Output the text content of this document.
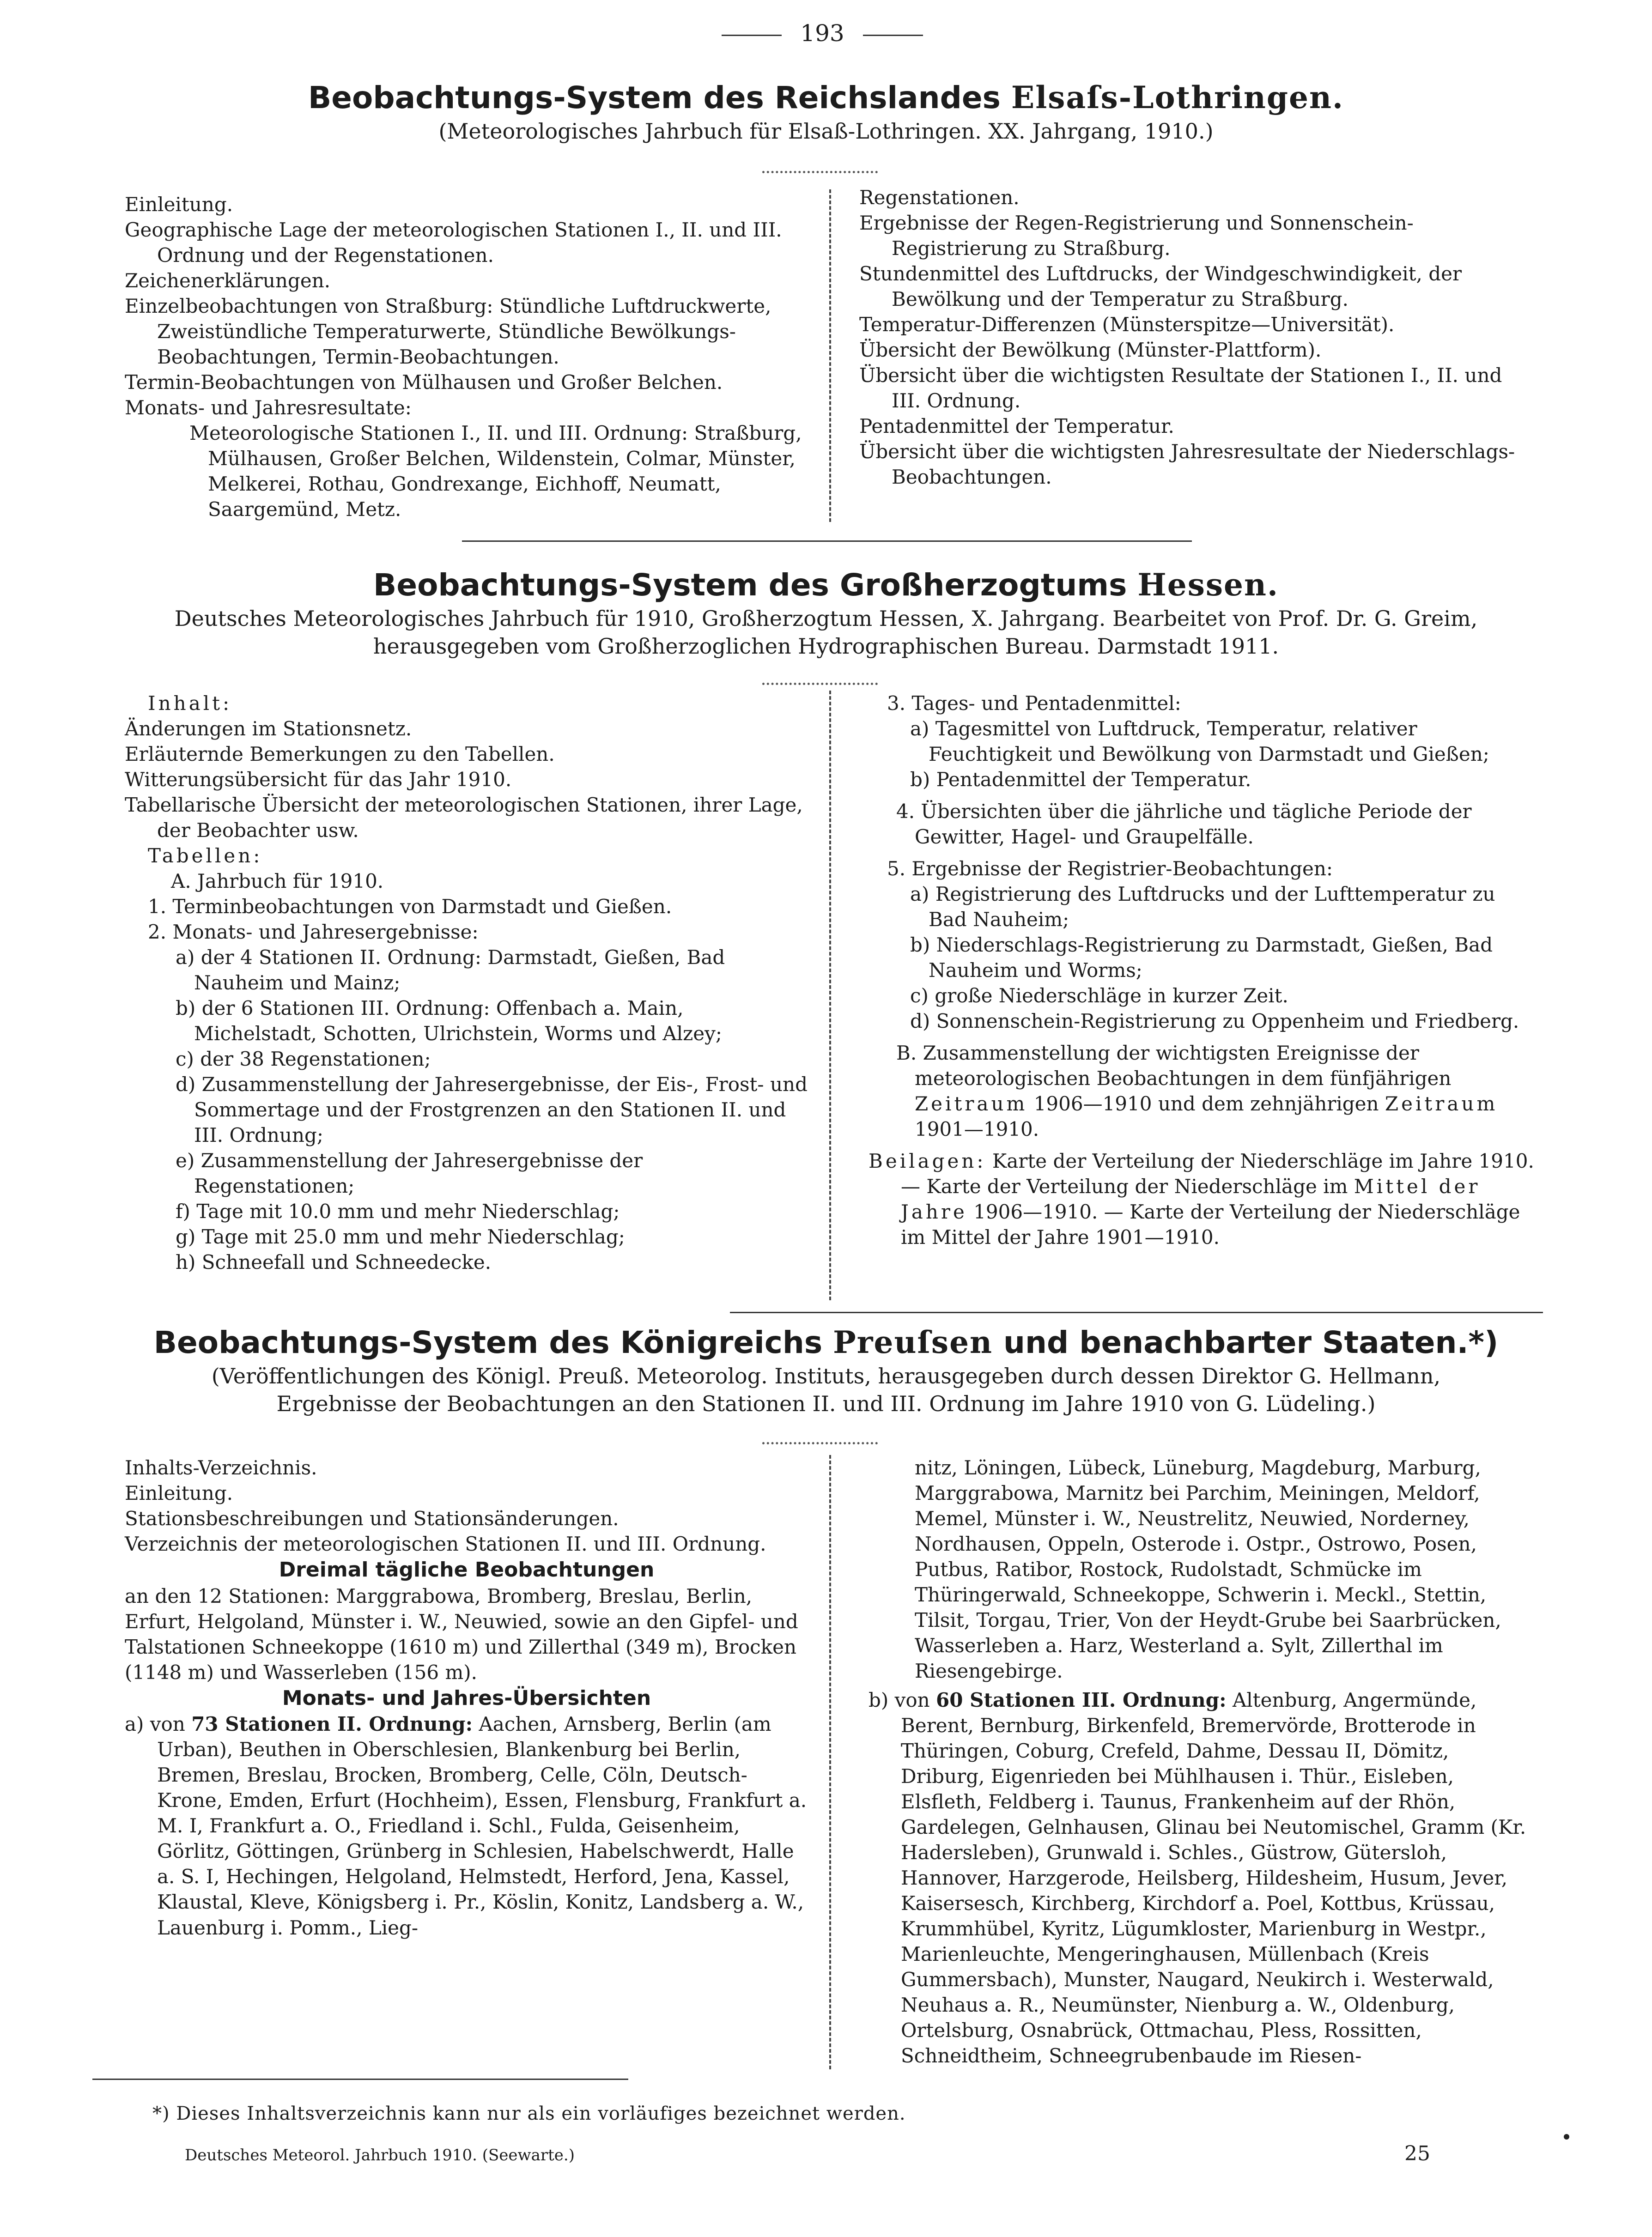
193
Beobachtungs-System des Reichslandes Elsaſs-Lothringen.

(Meteorologisches Jahrbuch für Elsaß-Lothringen. XX. Jahrgang, 1910.)

Einleitung.

Geographische Lage der meteorologischen Stationen I., II. und III. Ordnung und der Regenstationen.

Zeichenerklärungen.

Einzelbeobachtungen von Straßburg: Stündliche Luftdruckwerte, Zweistündliche Temperaturwerte, Stündliche Bewölkungs-Beobachtungen, Termin-Beobachtungen.

Termin-Beobachtungen von Mülhausen und Großer Belchen.

Monats- und Jahresresultate:

Meteorologische Stationen I., II. und III. Ordnung: Straßburg, Mülhausen, Großer Belchen, Wildenstein, Colmar, Münster, Melkerei, Rothau, Gondrexange, Eichhoff, Neumatt, Saargemünd, Metz.

Regenstationen.

Ergebnisse der Regen-Registrierung und Sonnenschein-Registrierung zu Straßburg.

Stundenmittel des Luftdrucks, der Windgeschwindigkeit, der Bewölkung und der Temperatur zu Straßburg.

Temperatur-Differenzen (Münsterspitze—Universität).

Übersicht der Bewölkung (Münster-Plattform).

Übersicht über die wichtigsten Resultate der Stationen I., II. und III. Ordnung.

Pentadenmittel der Temperatur.

Übersicht über die wichtigsten Jahresresultate der Niederschlags-Beobachtungen.

Beobachtungs-System des Großherzogtums Hessen.

Deutsches Meteorologisches Jahrbuch für 1910, Großherzogtum Hessen, X. Jahrgang. Bearbeitet von Prof. Dr. G. Greim,

herausgegeben vom Großherzoglichen Hydrographischen Bureau. Darmstadt 1911.

Inhalt:

Änderungen im Stationsnetz.

Erläuternde Bemerkungen zu den Tabellen.

Witterungsübersicht für das Jahr 1910.

Tabellarische Übersicht der meteorologischen Stationen, ihrer Lage, der Beobachter usw.

Tabellen:

A. Jahrbuch für 1910.

1. Terminbeobachtungen von Darmstadt und Gießen.

2. Monats- und Jahresergebnisse:

a) der 4 Stationen II. Ordnung: Darmstadt, Gießen, Bad Nauheim und Mainz;

b) der 6 Stationen III. Ordnung: Offenbach a. Main, Michelstadt, Schotten, Ulrichstein, Worms und Alzey;

c) der 38 Regenstationen;

d) Zusammenstellung der Jahresergebnisse, der Eis-, Frost- und Sommertage und der Frostgrenzen an den Stationen II. und III. Ordnung;

e) Zusammenstellung der Jahresergebnisse der Regenstationen;

f) Tage mit 10.0 mm und mehr Niederschlag;

g) Tage mit 25.0 mm und mehr Niederschlag;

h) Schneefall und Schneedecke.

3. Tages- und Pentadenmittel:

a) Tagesmittel von Luftdruck, Temperatur, relativer Feuchtigkeit und Bewölkung von Darmstadt und Gießen;

b) Pentadenmittel der Temperatur.

4. Übersichten über die jährliche und tägliche Periode der Gewitter, Hagel- und Graupelfälle.

5. Ergebnisse der Registrier-Beobachtungen:

a) Registrierung des Luftdrucks und der Lufttemperatur zu Bad Nauheim;

b) Niederschlags-Registrierung zu Darmstadt, Gießen, Bad Nauheim und Worms;

c) große Niederschläge in kurzer Zeit.

d) Sonnenschein-Registrierung zu Oppenheim und Friedberg.

B. Zusammenstellung der wichtigsten Ereignisse der meteorologischen Beobachtungen in dem fünfjährigen Zeitraum 1906—1910 und dem zehnjährigen Zeitraum 1901—1910.

Beilagen: Karte der Verteilung der Niederschläge im Jahre 1910. — Karte der Verteilung der Niederschläge im Mittel der Jahre 1906—1910. — Karte der Verteilung der Niederschläge im Mittel der Jahre 1901—1910.

Beobachtungs-System des Königreichs Preuſsen und benachbarter Staaten.*)

(Veröffentlichungen des Königl. Preuß. Meteorolog. Instituts, herausgegeben durch dessen Direktor G. Hellmann,

Ergebnisse der Beobachtungen an den Stationen II. und III. Ordnung im Jahre 1910 von G. Lüdeling.)

Inhalts-Verzeichnis.

Einleitung.

Stationsbeschreibungen und Stationsänderungen.

Verzeichnis der meteorologischen Stationen II. und III. Ordnung.

Dreimal tägliche Beobachtungen

an den 12 Stationen: Marggrabowa, Bromberg, Breslau, Berlin, Erfurt, Helgoland, Münster i. W., Neuwied, sowie an den Gipfel- und Talstationen Schneekoppe (1610 m) und Zillerthal (349 m), Brocken (1148 m) und Wasserleben (156 m).

Monats- und Jahres-Übersichten

a) von 73 Stationen II. Ordnung: Aachen, Arnsberg, Berlin (am Urban), Beuthen in Oberschlesien, Blankenburg bei Berlin, Bremen, Breslau, Brocken, Bromberg, Celle, Cöln, Deutsch-Krone, Emden, Erfurt (Hochheim), Essen, Flensburg, Frankfurt a. M. I, Frankfurt a. O., Friedland i. Schl., Fulda, Geisenheim, Görlitz, Göttingen, Grünberg in Schlesien, Habelschwerdt, Halle a. S. I, Hechingen, Helgoland, Helmstedt, Herford, Jena, Kassel, Klaustal, Kleve, Königsberg i. Pr., Köslin, Konitz, Landsberg a. W., Lauenburg i. Pomm., Lieg-

nitz, Löningen, Lübeck, Lüneburg, Magdeburg, Marburg, Marggrabowa, Marnitz bei Parchim, Meiningen, Meldorf, Memel, Münster i. W., Neustrelitz, Neuwied, Norderney, Nordhausen, Oppeln, Osterode i. Ostpr., Ostrowo, Posen, Putbus, Ratibor, Rostock, Rudolstadt, Schmücke im Thüringerwald, Schneekoppe, Schwerin i. Meckl., Stettin, Tilsit, Torgau, Trier, Von der Heydt-Grube bei Saarbrücken, Wasserleben a. Harz, Westerland a. Sylt, Zillerthal im Riesengebirge.

b) von 60 Stationen III. Ordnung: Altenburg, Angermünde, Berent, Bernburg, Birkenfeld, Bremervörde, Brotterode in Thüringen, Coburg, Crefeld, Dahme, Dessau II, Dömitz, Driburg, Eigenrieden bei Mühlhausen i. Thür., Eisleben, Elsfleth, Feldberg i. Taunus, Frankenheim auf der Rhön, Gardelegen, Gelnhausen, Glinau bei Neutomischel, Gramm (Kr. Hadersleben), Grunwald i. Schles., Güstrow, Gütersloh, Hannover, Harzgerode, Heilsberg, Hildesheim, Husum, Jever, Kaisersesch, Kirchberg, Kirchdorf a. Poel, Kottbus, Krüssau, Krummhübel, Kyritz, Lügumkloster, Marienburg in Westpr., Marienleuchte, Mengeringhausen, Müllenbach (Kreis Gummersbach), Munster, Naugard, Neukirch i. Westerwald, Neuhaus a. R., Neumünster, Nienburg a. W., Oldenburg, Ortelsburg, Osnabrück, Ottmachau, Pless, Rossitten, Schneidtheim, Schneegrubenbaude im Riesen-

*) Dieses Inhaltsverzeichnis kann nur als ein vorläufiges bezeichnet werden.

Deutsches Meteorol. Jahrbuch 1910. (Seewarte.)	25
